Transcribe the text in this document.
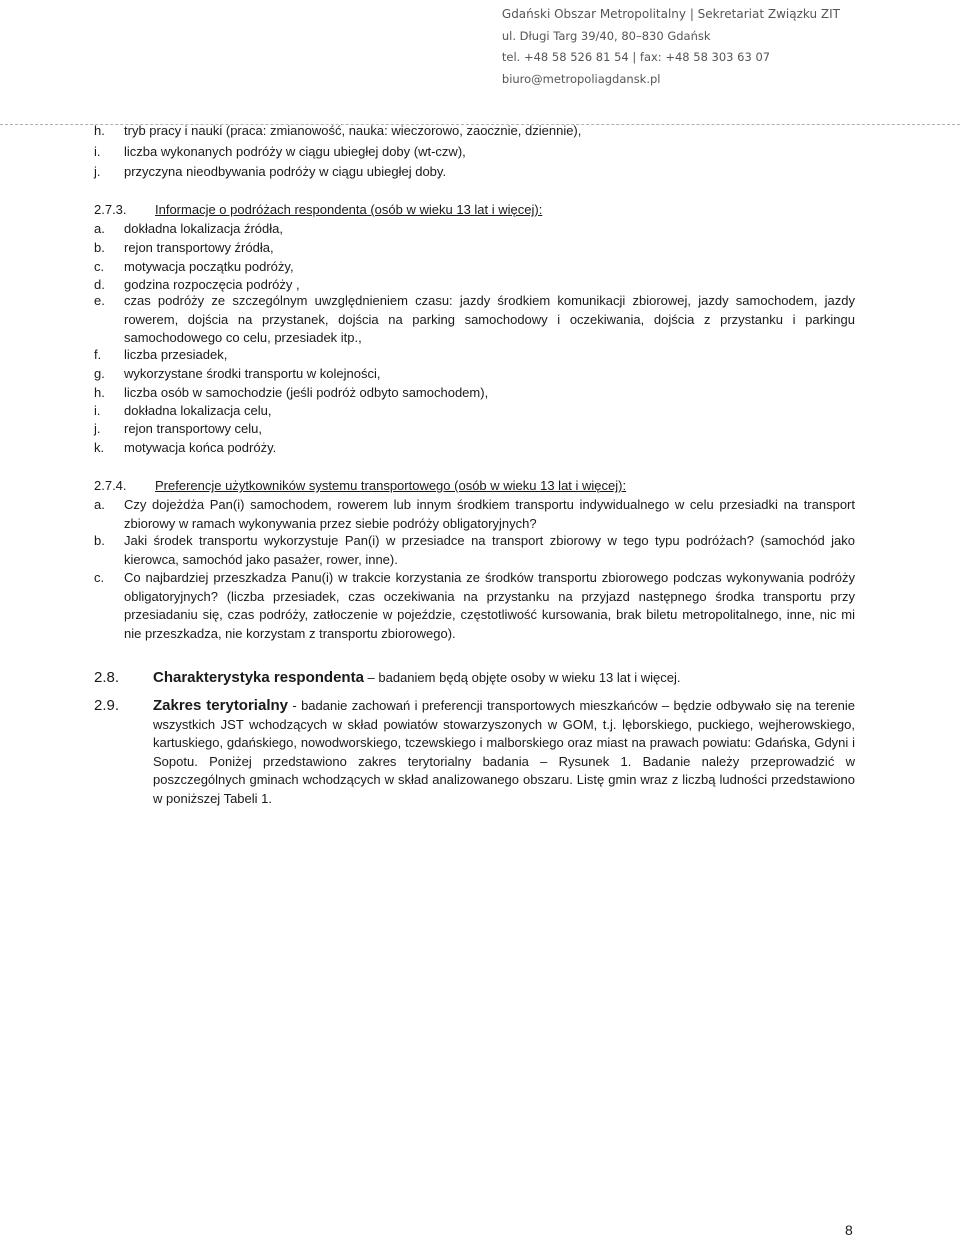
Gdański Obszar Metropolitalny | Sekretariat Związku ZIT
ul. Długi Targ 39/40, 80–830 Gdańsk
tel. +48 58 526 81 54 | fax: +48 58 303 63 07
biuro@metropoliagdansk.pl
h. tryb pracy i nauki (praca: zmianowość, nauka: wieczorowo, zaocznie, dziennie),
i. liczba wykonanych podróży w ciągu ubiegłej doby (wt-czw),
j. przyczyna nieodbywania podróży w ciągu ubiegłej doby.
2.7.3. Informacje o podróżach respondenta (osób w wieku 13 lat i więcej):
a. dokładna lokalizacja źródła,
b. rejon transportowy źródła,
c. motywacja początku podróży,
d. godzina rozpoczęcia podróży ,
e. czas podróży ze szczególnym uwzględnieniem czasu: jazdy środkiem komunikacji zbiorowej, jazdy samochodem, jazdy rowerem, dojścia na przystanek, dojścia na parking samochodowy i oczekiwania, dojścia z przystanku i parkingu samochodowego co celu, przesiadek itp.,
f. liczba przesiadek,
g. wykorzystane środki transportu w kolejności,
h. liczba osób w samochodzie (jeśli podróż odbyto samochodem),
i. dokładna lokalizacja celu,
j. rejon transportowy celu,
k. motywacja końca podróży.
2.7.4. Preferencje użytkowników systemu transportowego (osób w wieku 13 lat i więcej):
a. Czy dojeżdża Pan(i) samochodem, rowerem lub innym środkiem transportu indywidualnego w celu przesiadki na transport zbiorowy w ramach wykonywania przez siebie podróży obligatoryjnych?
b. Jaki środek transportu wykorzystuje Pan(i) w przesiadce na transport zbiorowy w tego typu podróżach? (samochód jako kierowca, samochód jako pasażer, rower, inne).
c. Co najbardziej przeszkadza Panu(i) w trakcie korzystania ze środków transportu zbiorowego podczas wykonywania podróży obligatoryjnych? (liczba przesiadek, czas oczekiwania na przystanku na przyjazd następnego środka transportu przy przesiadaniu się, czas podróży, zatłoczenie w pojeździe, częstotliwość kursowania, brak biletu metropolitalnego, inne, nic mi nie przeszkadza, nie korzystam z transportu zbiorowego).
2.8. Charakterystyka respondenta – badaniem będą objęte osoby w wieku 13 lat i więcej.
2.9. Zakres terytorialny - badanie zachowań i preferencji transportowych mieszkańców – będzie odbywało się na terenie wszystkich JST wchodzących w skład powiatów stowarzyszonych w GOM, t.j. lęborskiego, puckiego, wejherowskiego, kartuskiego, gdańskiego, nowodworskiego, tczewskiego i malborskiego oraz miast na prawach powiatu: Gdańska, Gdyni i Sopotu. Poniżej przedstawiono zakres terytorialny badania – Rysunek 1. Badanie należy przeprowadzić w poszczególnych gminach wchodzących w skład analizowanego obszaru. Listę gmin wraz z liczbą ludności przedstawiono w poniższej Tabeli 1.
8
